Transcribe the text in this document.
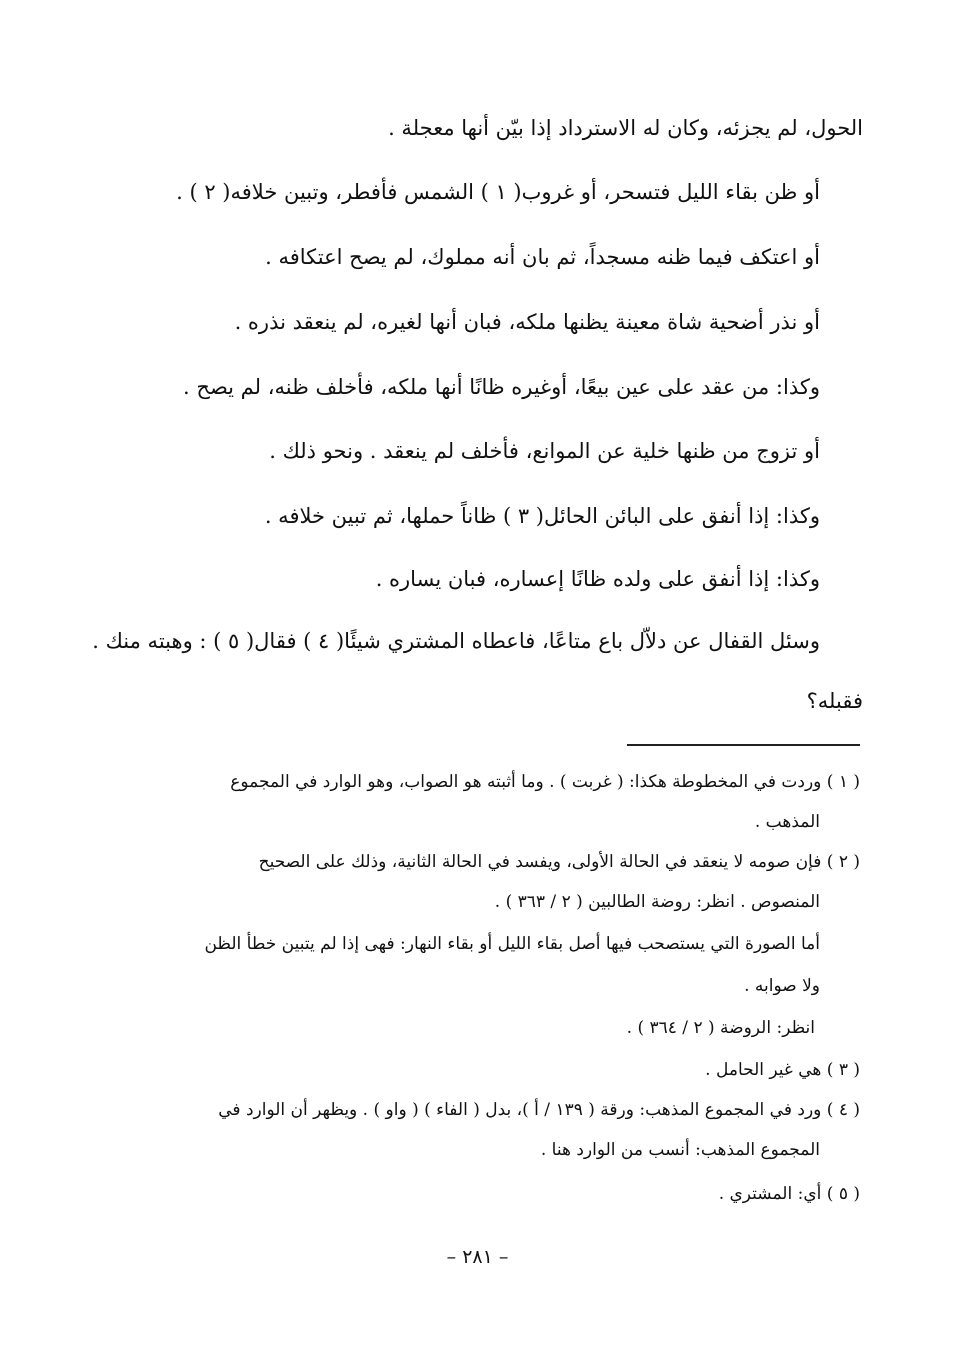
الحول، لم يجزئه، وكان له الاسترداد إذا بيّن أنها معجلة .
أو ظن بقاء الليل فتسحر، أو غروب( ١ ) الشمس فأفطر، وتبين خلافه( ٢ ) .
أو اعتكف فيما ظنه مسجداً، ثم بان أنه مملوك، لم يصح اعتكافه .
أو نذر أضحية شاة معينة يظنها ملكه، فبان أنها لغيره، لم ينعقد نذره .
وكذا: من عقد على عين بيعًا، أوغيره ظانًا أنها ملكه، فأخلف ظنه، لم يصح .
أو تزوج من ظنها خلية عن الموانع، فأخلف لم ينعقد . ونحو ذلك .
وكذا: إذا أنفق على البائن الحائل( ٣ ) ظاناً حملها، ثم تبين خلافه .
وكذا: إذا أنفق على ولده ظانًا إعساره، فبان يساره .
وسئل القفال عن دلاّل باع متاعًا، فاعطاه المشتري شيئًا( ٤ ) فقال( ٥ ) : وهبته منك .
فقبله؟
( ١ ) وردت في المخطوطة هكذا: ( غربت ) . وما أثبته هو الصواب، وهو الوارد في المجموع
المذهب .
( ٢ ) فإن صومه لا ينعقد في الحالة الأولى، ويفسد في الحالة الثانية، وذلك على الصحيح
المنصوص . انظر: روضة الطالبين ( ٢ / ٣٦٣ ) .
أما الصورة التي يستصحب فيها أصل بقاء الليل أو بقاء النهار: فهى إذا لم يتبين خطأ الظن
ولا صوابه .
انظر: الروضة ( ٢ / ٣٦٤ ) .
( ٣ ) هي غير الحامل .
( ٤ ) ورد في المجموع المذهب: ورقة ( ١٣٩ / أ )، بدل ( الفاء ) ( واو ) . ويظهر أن الوارد في
المجموع المذهب: أنسب من الوارد هنا .
( ٥ ) أي: المشتري .
– ٢٨١ –
